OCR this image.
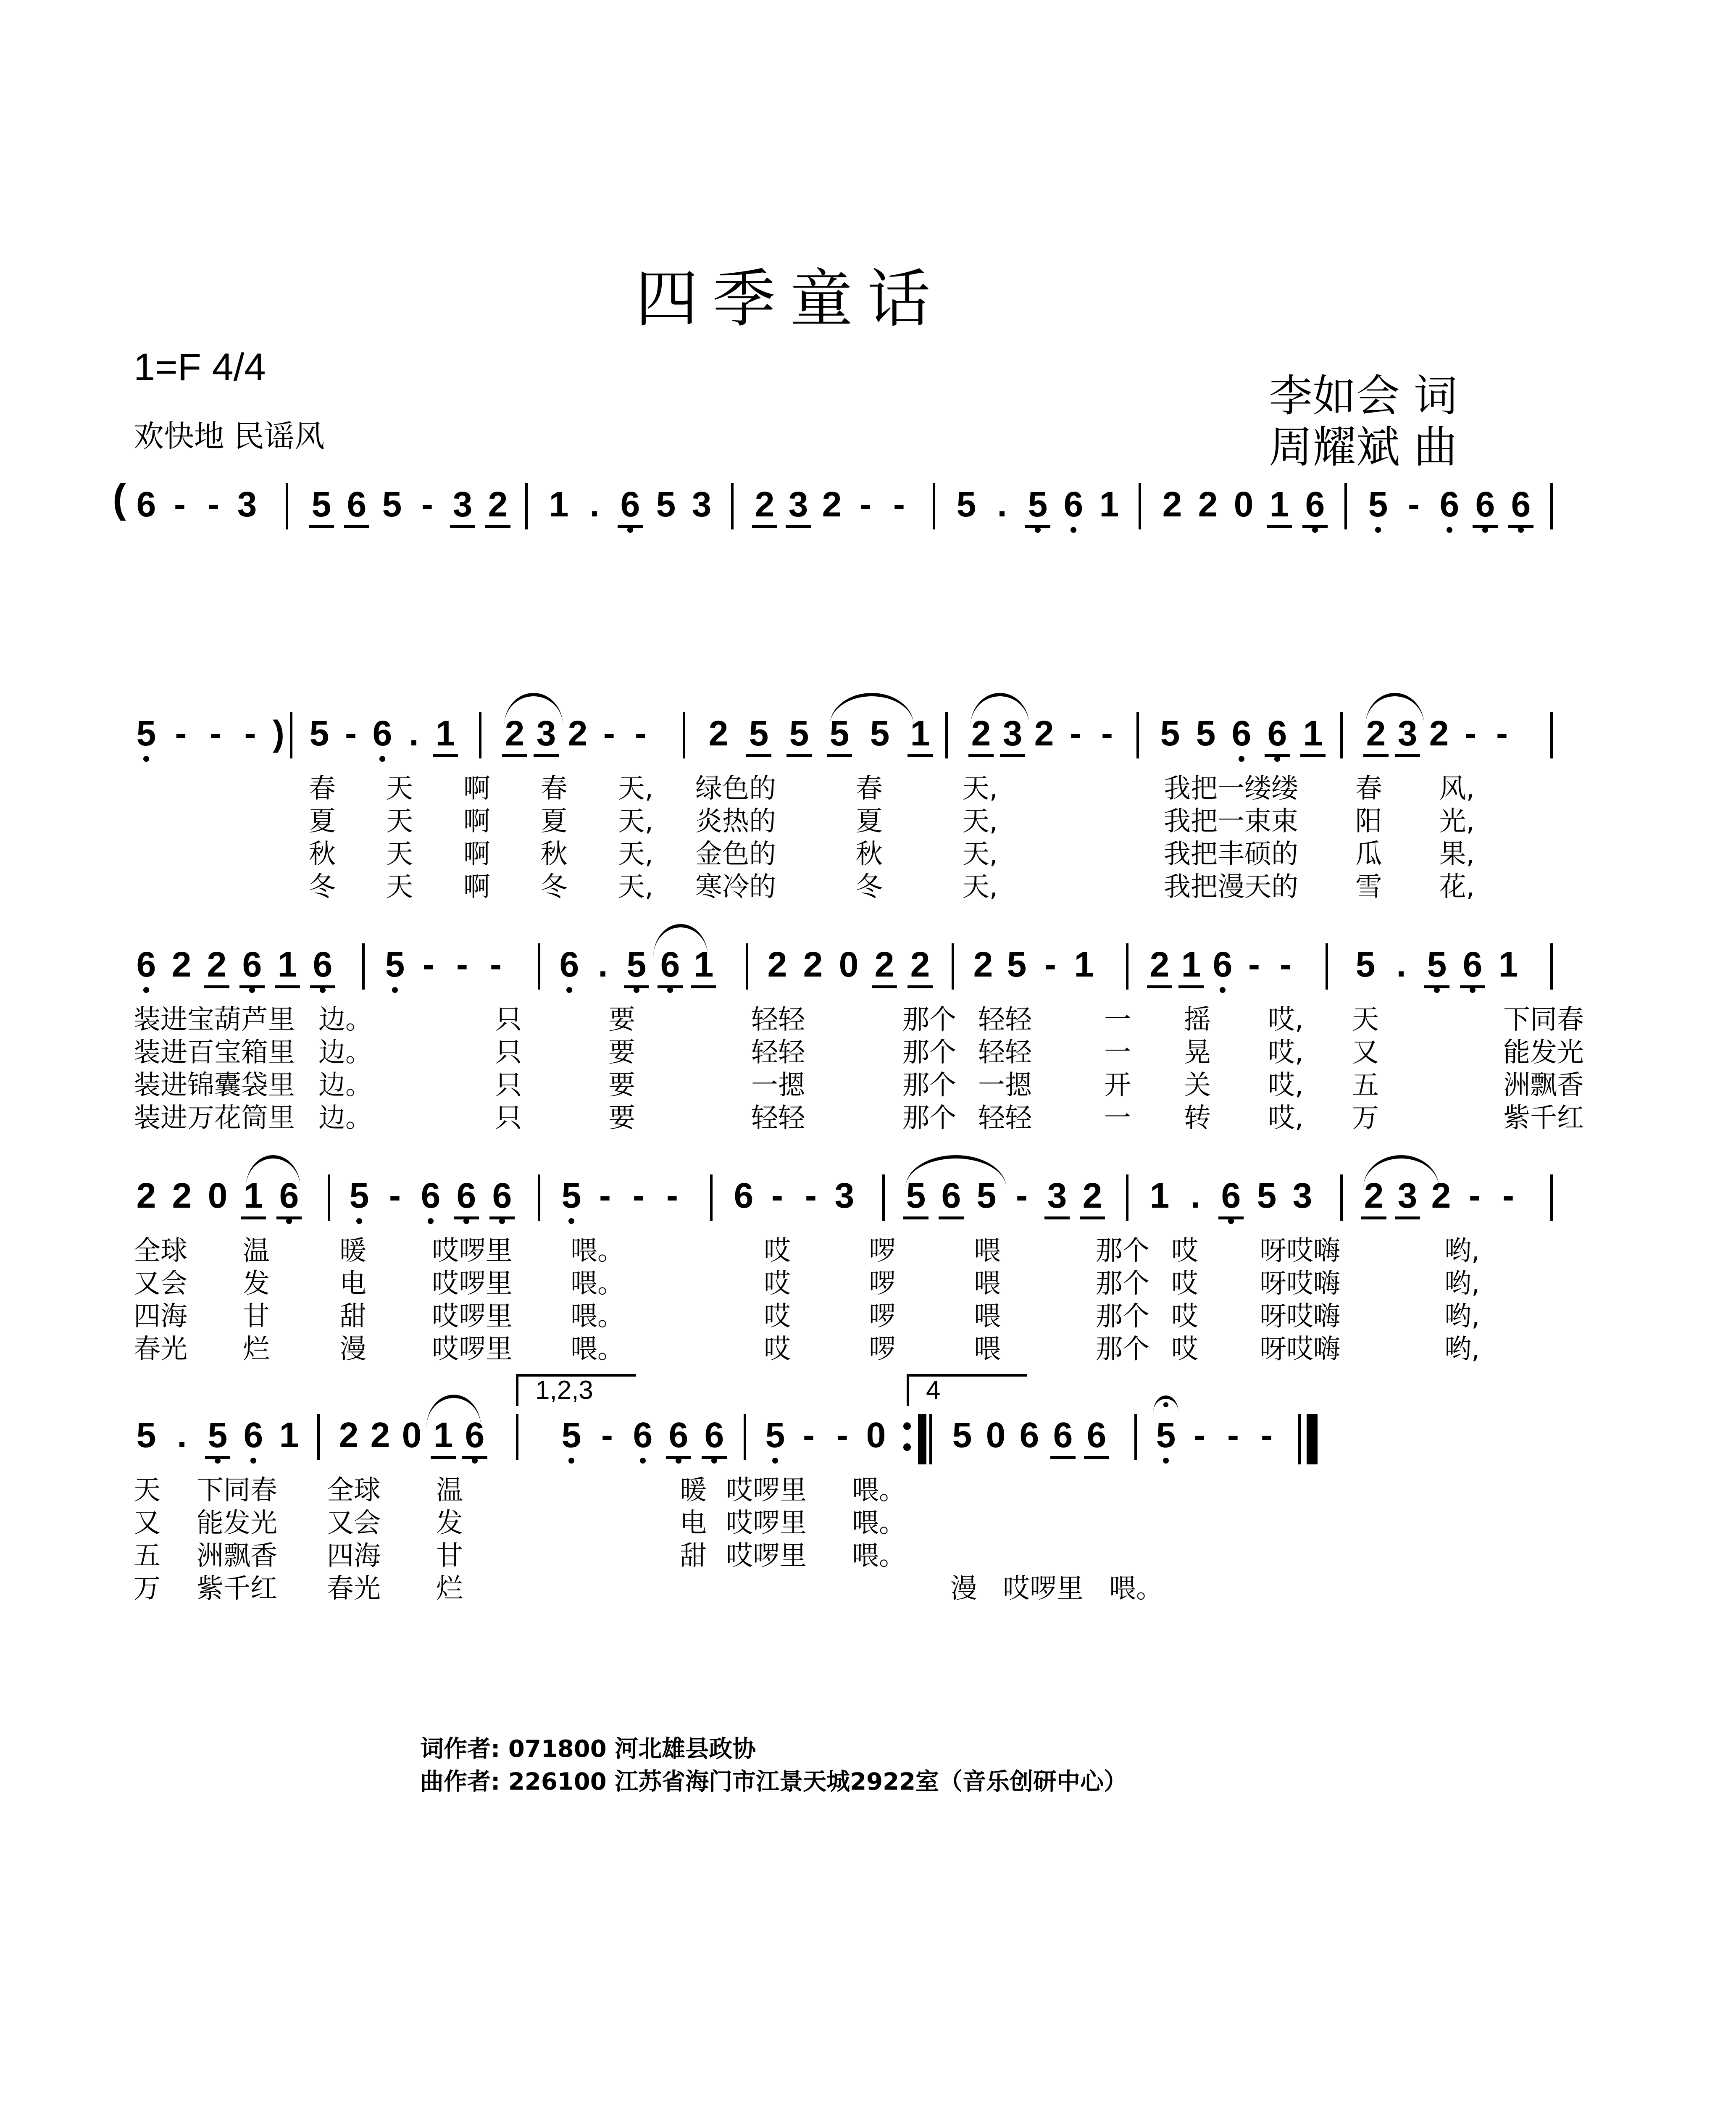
四季童话
1=F 4/4
欢快地 民谣风
李如会 词
周耀斌 曲
( 6 - - 3 5 6 5 - 3 2 1 . 6 5 3 2 3 2 - - 5 . 5 6 1 2 2 0 1 6 5 - 6 6 6
5 - - - ) 5 - 6 . 1 2 3 2 - - 2 5 5 5 5 1 2 3 2 - - 5 5 6 6 1 2 3 2 - -
春 天 啊 春 天, 绿色的	春	天,	我把一缕缕 春 风,
夏 天 啊 夏 天, 炎热的	夏	天,	我把一束束 阳 光,
秋 天 啊 秋 天, 金色的	秋	天,	我把丰硕的 瓜 果,
冬 天 啊 冬 天, 寒冷的	冬	天,	我把漫天的 雪 花,
6 2 2 6 1 6 5 - - - 6 . 5 6 1 2 2 0 2 2 2 5 - 1 2 1 6 - - 5 . 5 6 1
装进宝葫芦里 边。	只	要	轻轻	那个 轻轻	一	摇	哎,	天	下同春
装进百宝箱里 边。	只	要	轻轻	那个 轻轻	一	晃	哎,	又	能发光
装进锦囊袋里 边。	只	要	一摁	那个 一摁	开	关	哎,	五	洲飘香
装进万花筒里 边。	只	要	轻轻	那个 轻轻	一	转	哎,	万	紫千红
2 2 0 1 6 5 - 6 6 6 5 - - - 6 - - 3 5 6 5 - 3 2 1 . 6 5 3 2 3 2 - -
全球	温	暖	哎啰里	喂。	哎	啰	喂	那个 哎	呀哎嗨	哟,
又会	发	电	哎啰里	喂。	哎	啰	喂	那个 哎	呀哎嗨	哟,
四海	甘	甜	哎啰里	喂。	哎	啰	喂	那个 哎	呀哎嗨	哟,
春光	烂	漫	哎啰里	喂。	哎	啰	喂	那个 哎	呀哎嗨	哟,
1,2,3	4
5 . 5 6 1 2 2 0 1 6 5 - 6 6 6 5 - - 0 5 0 6 6 6 5 - - -
天	下同春	全球	温	暖 哎啰里	喂。
又	能发光	又会	发	电 哎啰里	喂。
五	洲飘香	四海	甘	甜 哎啰里	喂。
万	紫千红	春光	烂	漫   哎啰里   喂。
词作者: 071800 河北雄县政协
曲作者: 226100 江苏省海门市江景天城2922室（音乐创研中心）
